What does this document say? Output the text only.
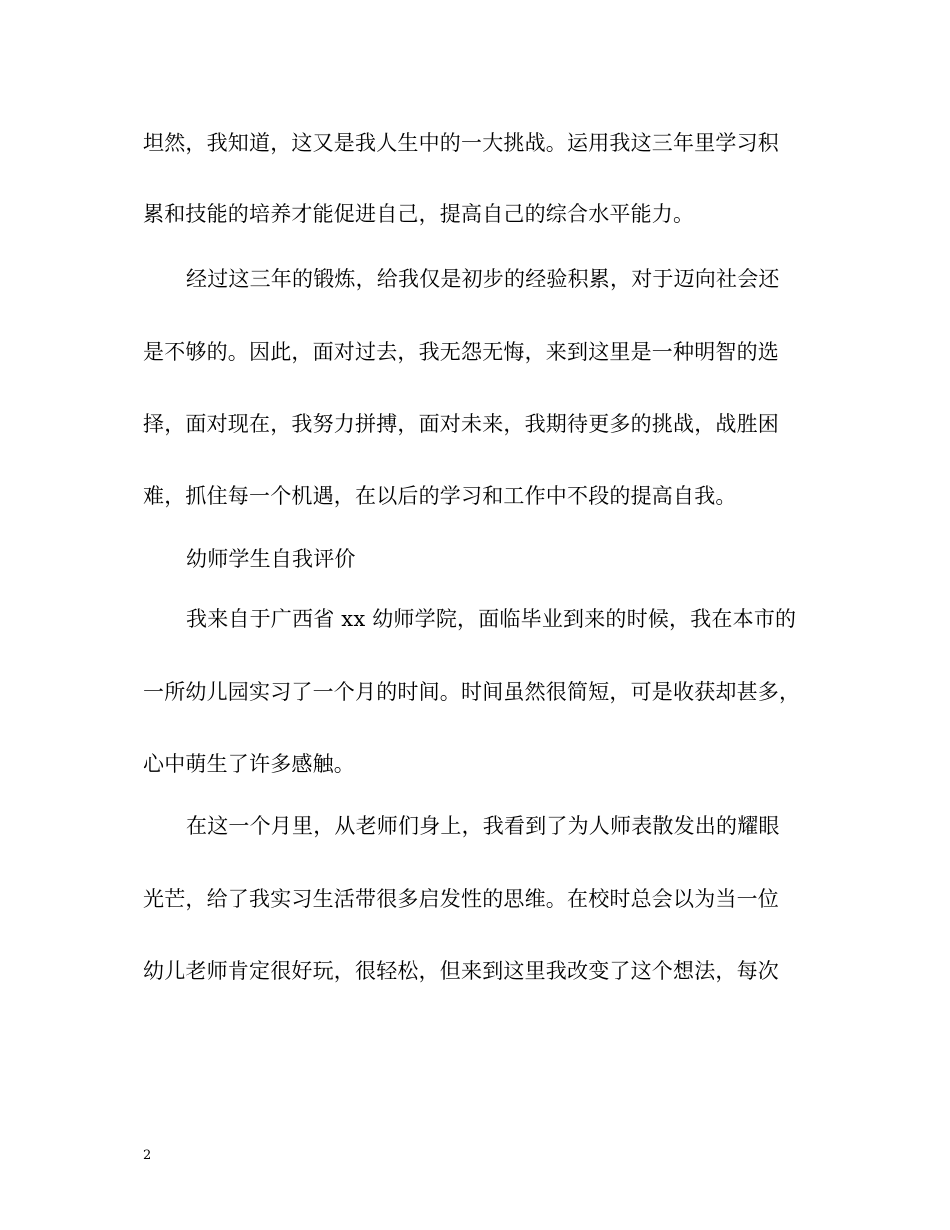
坦然，我知道，这又是我人生中的一大挑战。运用我这三年里学习积
累和技能的培养才能促进自己，提高自己的综合水平能力。
经过这三年的锻炼，给我仅是初步的经验积累，对于迈向社会还
是不够的。因此，面对过去，我无怨无悔，来到这里是一种明智的选
择，面对现在，我努力拼搏，面对未来，我期待更多的挑战，战胜困
难，抓住每一个机遇，在以后的学习和工作中不段的提高自我。
幼师学生自我评价
我来自于广西省 xx 幼师学院，面临毕业到来的时候，我在本市的
一所幼儿园实习了一个月的时间。时间虽然很简短，可是收获却甚多，
心中萌生了许多感触。
在这一个月里，从老师们身上，我看到了为人师表散发出的耀眼
光芒，给了我实习生活带很多启发性的思维。在校时总会以为当一位
幼儿老师肯定很好玩，很轻松，但来到这里我改变了这个想法，每次
2
